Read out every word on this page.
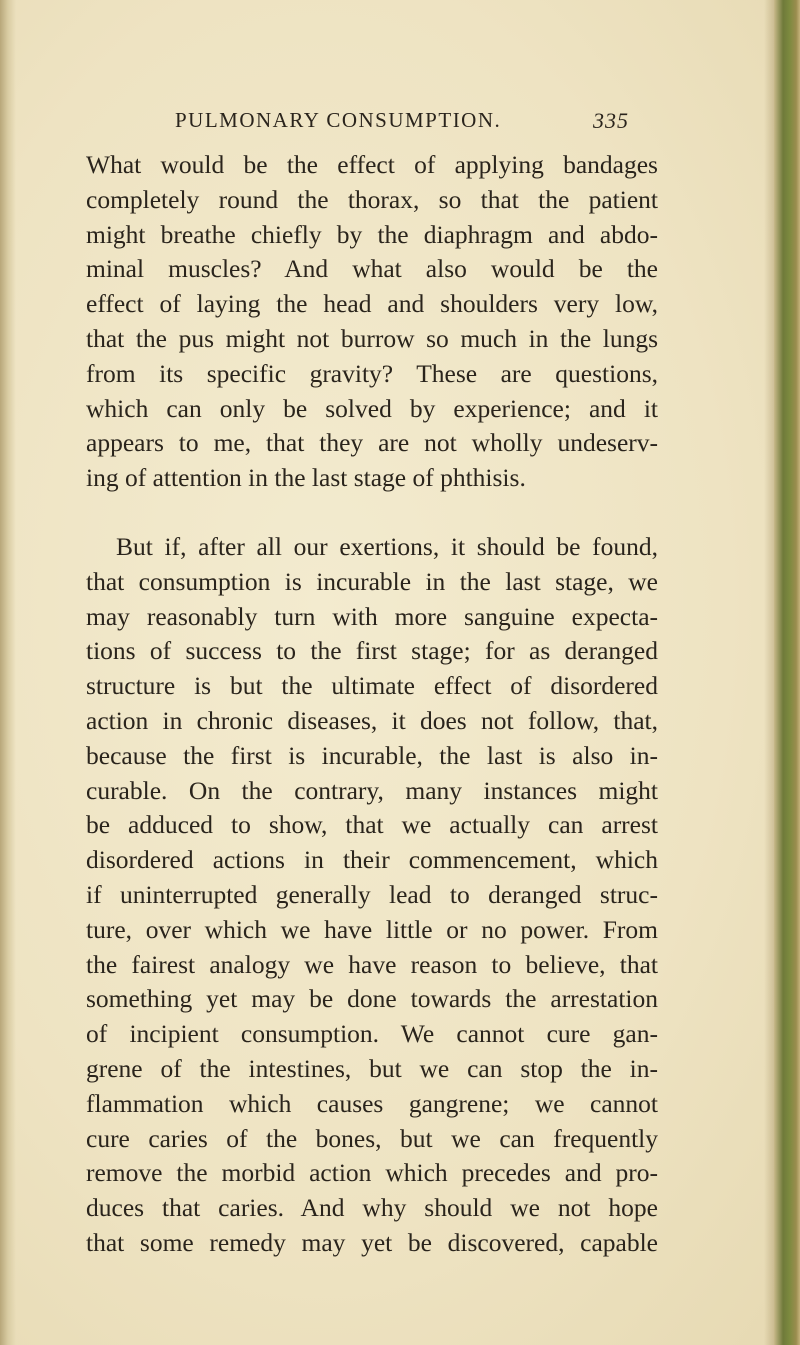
PULMONARY CONSUMPTION.	335
What would be the effect of applying bandages
completely round the thorax, so that the patient
might breathe chiefly by the diaphragm and abdo-
minal muscles? And what also would be the
effect of laying the head and shoulders very low,
that the pus might not burrow so much in the lungs
from its specific gravity? These are questions,
which can only be solved by experience; and it
appears to me, that they are not wholly undeserv-
ing of attention in the last stage of phthisis.
But if, after all our exertions, it should be found,
that consumption is incurable in the last stage, we
may reasonably turn with more sanguine expecta-
tions of success to the first stage; for as deranged
structure is but the ultimate effect of disordered
action in chronic diseases, it does not follow, that,
because the first is incurable, the last is also in-
curable. On the contrary, many instances might
be adduced to show, that we actually can arrest
disordered actions in their commencement, which
if uninterrupted generally lead to deranged struc-
ture, over which we have little or no power. From
the fairest analogy we have reason to believe, that
something yet may be done towards the arrestation
of incipient consumption. We cannot cure gan-
grene of the intestines, but we can stop the in-
flammation which causes gangrene; we cannot
cure caries of the bones, but we can frequently
remove the morbid action which precedes and pro-
duces that caries. And why should we not hope
that some remedy may yet be discovered, capable
